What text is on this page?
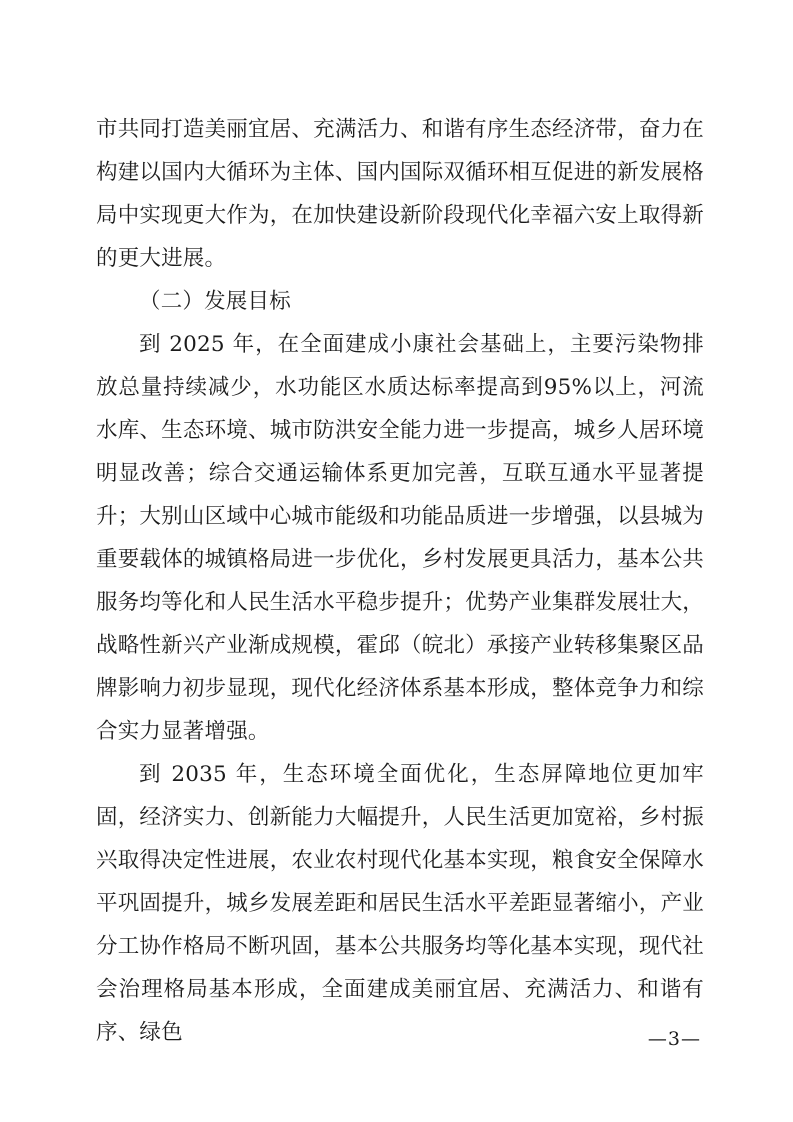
市共同打造美丽宜居、充满活力、和谐有序生态经济带，奋力在构建以国内大循环为主体、国内国际双循环相互促进的新发展格局中实现更大作为，在加快建设新阶段现代化幸福六安上取得新的更大进展。

（二）发展目标

到 2025 年，在全面建成小康社会基础上，主要污染物排放总量持续减少，水功能区水质达标率提高到95%以上，河流水库、生态环境、城市防洪安全能力进一步提高，城乡人居环境明显改善；综合交通运输体系更加完善，互联互通水平显著提升；大别山区域中心城市能级和功能品质进一步增强，以县城为重要载体的城镇格局进一步优化，乡村发展更具活力，基本公共服务均等化和人民生活水平稳步提升；优势产业集群发展壮大，战略性新兴产业渐成规模，霍邱（皖北）承接产业转移集聚区品牌影响力初步显现，现代化经济体系基本形成，整体竞争力和综合实力显著增强。

到 2035 年，生态环境全面优化，生态屏障地位更加牢固，经济实力、创新能力大幅提升，人民生活更加宽裕，乡村振兴取得决定性进展，农业农村现代化基本实现，粮食安全保障水平巩固提升，城乡发展差距和居民生活水平差距显著缩小，产业分工协作格局不断巩固，基本公共服务均等化基本实现，现代社会治理格局基本形成，全面建成美丽宜居、充满活力、和谐有序、绿色	—3—
